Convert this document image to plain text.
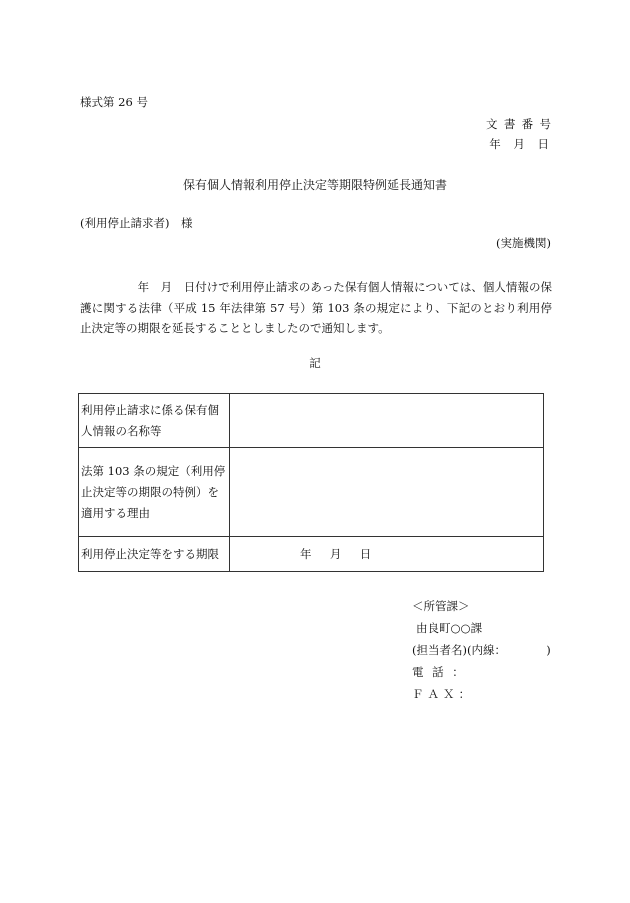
様式第 26 号
文書番号
年月日
保有個人情報利用停止決定等期限特例延長通知書
(利用停止請求者)　様
(実施機関)
　　　　　年　月　日付けで利用停止請求のあった保有個人情報については、個人情報の保護に関する法律（平成 15 年法律第 57 号）第 103 条の規定により、下記のとおり利用停止決定等の期限を延長することとしましたので通知します。
記
利用停止請求に係る保有個人情報の名称等	
法第 103 条の規定（利用停止決定等の期限の特例）を適用する理由	
利用停止決定等をする期限	年月日
＜所管課＞
由良町○○課
(担当者名)(内線：　　　　)
電話：
ＦＡＸ：
